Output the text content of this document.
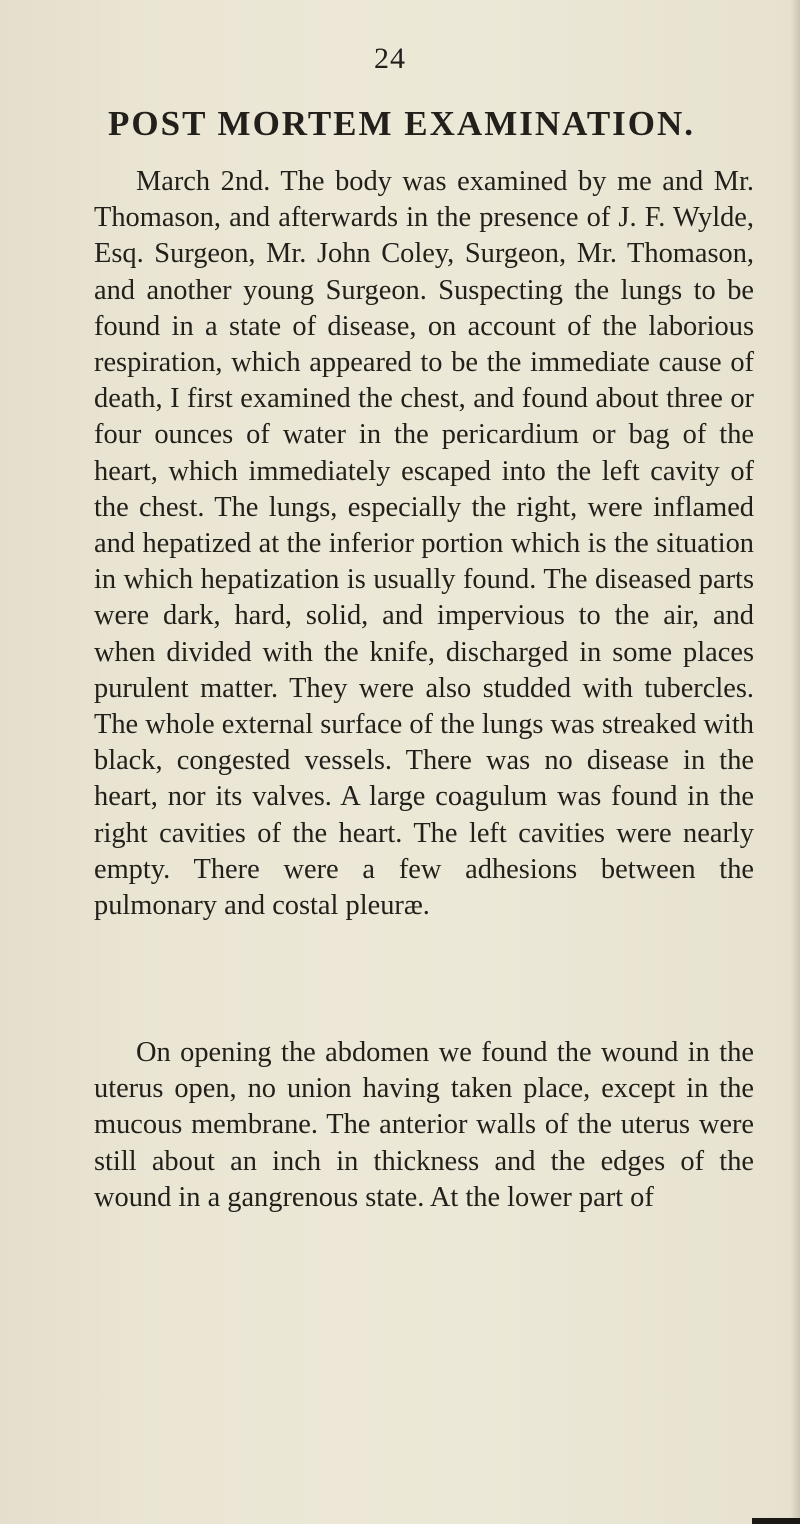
24
POST MORTEM EXAMINATION.

March 2nd. The body was examined by me and Mr. Thomason, and afterwards in the presence of J. F. Wylde, Esq. Surgeon, Mr. John Coley, Surgeon, Mr. Thomason, and another young Surgeon. Suspecting the lungs to be found in a state of disease, on account of the laborious respiration, which appeared to be the immediate cause of death, I first examined the chest, and found about three or four ounces of water in the pericardium or bag of the heart, which immediately escaped into the left cavity of the chest. The lungs, especially the right, were inflamed and hepatized at the inferior portion which is the situation in which hepatization is usually found. The diseased parts were dark, hard, solid, and impervious to the air, and when divided with the knife, discharged in some places purulent matter. They were also studded with tubercles. The whole external surface of the lungs was streaked with black, congested vessels. There was no disease in the heart, nor its valves. A large coagulum was found in the right cavities of the heart. The left cavities were nearly empty. There were a few adhesions between the pulmonary and costal pleuræ.

On opening the abdomen we found the wound in the uterus open, no union having taken place, except in the mucous membrane. The anterior walls of the uterus were still about an inch in thickness and the edges of the wound in a gangrenous state. At the lower part of
